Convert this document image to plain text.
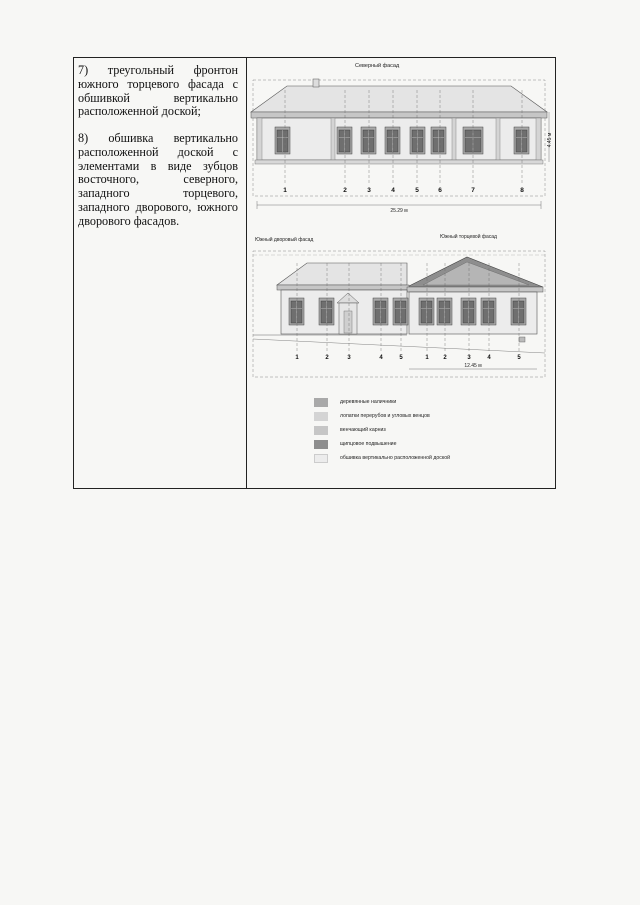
7) треугольный фронтон южного торцевого фасада с обшивкой вертикально расположенной доской;
8) обшивка вертикально расположенной доской с элементами в виде зубцов восточного, северного, западного торцевого, западного дворового, южного дворового фасадов.
Северный фасад
4.45 м
25.29 м
1	2	3	4	5	6	7	8
Южный дворовый фасад	Южный торцевой фасад
12.45 м
1	2	3	4	5	1 2	3	4	5
деревянные наличники
лопатки перерубов и угловых венцов
венчающий карниз
щипцовое подвышение
обшивка вертикально расположенной доской
